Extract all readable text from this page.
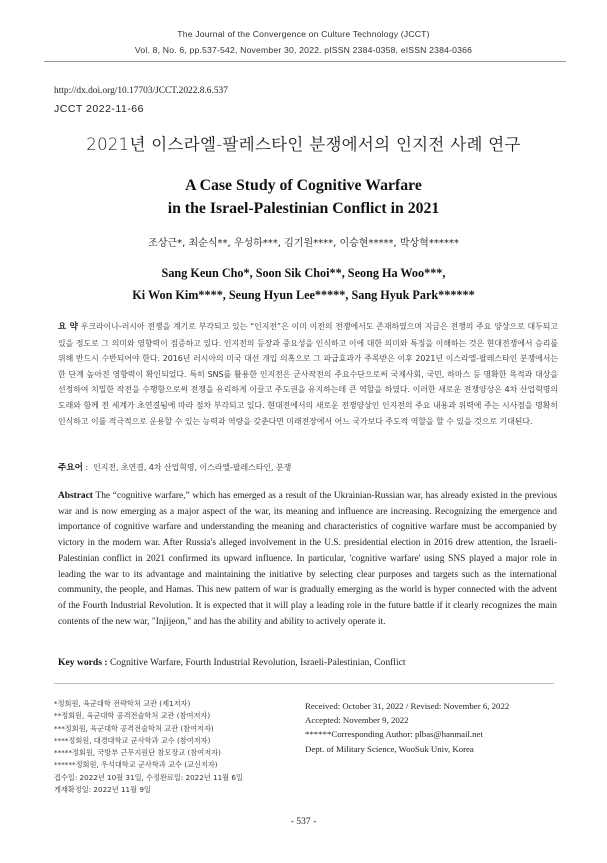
The Journal of the Convergence on Culture Technology (JCCT)
Vol. 8, No. 6, pp.537-542, November 30, 2022. pISSN 2384-0358, eISSN 2384-0366
http://dx.doi.org/10.17703/JCCT.2022.8.6.537
JCCT 2022-11-66
2021년 이스라엘-팔레스타인 분쟁에서의 인지전 사례 연구
A Case Study of Cognitive Warfare
in the Israel-Palestinian Conflict in 2021
조상근*, 최순식**, 우성하***, 김기원****, 이승현*****, 박상혁******
Sang Keun Cho*, Soon Sik Choi**, Seong Ha Woo***,
Ki Won Kim****, Seung Hyun Lee*****, Sang Hyuk Park******
요 약 우크라이나-러시아 전쟁을 계기로 부각되고 있는 “인지전”은 이미 이전의 전쟁에서도 존재하였으며 지금은 전쟁의 주요 양상으로 대두되고 있을 정도로 그 의미와 영향력이 점증하고 있다. 인지전의 등장과 중요성을 인식하고 이에 대한 의미와 특징을 이해하는 것은 현대전쟁에서 승리를 위해 반드시 수반되어야 한다. 2016년 러시아의 미국 대선 개입 의혹으로 그 파급효과가 주목받은 이후 2021년 이스라엘-팔레스타인 분쟁에서는 한 단계 높아진 영향력이 확인되었다. 특히 SNS를 활용한 인지전은 군사작전의 주요수단으로써 국제사회, 국민, 하마스 등 명확한 목적과 대상을 선정하여 치밀한 작전을 수행함으로써 전쟁을 유리하게 이끌고 주도권을 유지하는데 큰 역할을 하였다. 이러한 새로운 전쟁양상은 4차 산업혁명의 도래와 함께 전 세계가 초연결됨에 따라 점차 부각되고 있다. 현대전에서의 새로운 전쟁양상인 인지전의 주요 내용과 위력에 주는 시사점을 명확히 인식하고 이를 적극적으로 운용할 수 있는 능력과 역량을 갖춘다면 미래전장에서 어느 국가보다 주도적 역할을 할 수 있을 것으로 기대된다.
주요어 :  인지전, 초연결, 4차 산업혁명, 이스라엘-팔레스타인, 분쟁
Abstract The “cognitive warfare,” which has emerged as a result of the Ukrainian-Russian war, has already existed in the previous war and is now emerging as a major aspect of the war, its meaning and influence are increasing. Recognizing the emergence and importance of cognitive warfare and understanding the meaning and characteristics of cognitive warfare must be accompanied by victory in the modern war. After Russia's alleged involvement in the U.S. presidential election in 2016 drew attention, the Israeli-Palestinian conflict in 2021 confirmed its upward influence. In particular, 'cognitive warfare' using SNS played a major role in leading the war to its advantage and maintaining the initiative by selecting clear purposes and targets such as the international community, the people, and Hamas. This new pattern of war is gradually emerging as the world is hyper connected with the advent of the Fourth Industrial Revolution. It is expected that it will play a leading role in the future battle if it clearly recognizes the main contents of the new war, "Injijeon," and has the ability and ability to actively operate it.
Key words : Cognitive Warfare, Fourth Industrial Revolution, Israeli-Palestinian, Conflict
*정회원, 육군대학 전략학처 교관 (제1저자)
**정회원, 육군대학 공격전술학처 교관 (참여저자)
***정회원, 육군대학 공격전술학처 교관 (참여저자)
****정회원, 대경대학교 군사학과 교수 (참여저자)
*****정회원, 국방부 근무지원단 참모장교 (참여저자)
******정회원, 우석대학교 군사학과 교수 (교신저자)
접수일: 2022년 10월 31일, 수정완료일: 2022년 11월 6일
게재확정일: 2022년 11월 9일
Received: October 31, 2022 / Revised: November 6, 2022
Accepted: November 9, 2022
******Corresponding Author: plbas@hanmail.net
Dept. of Military Science, WooSuk Univ, Korea
- 537 -
